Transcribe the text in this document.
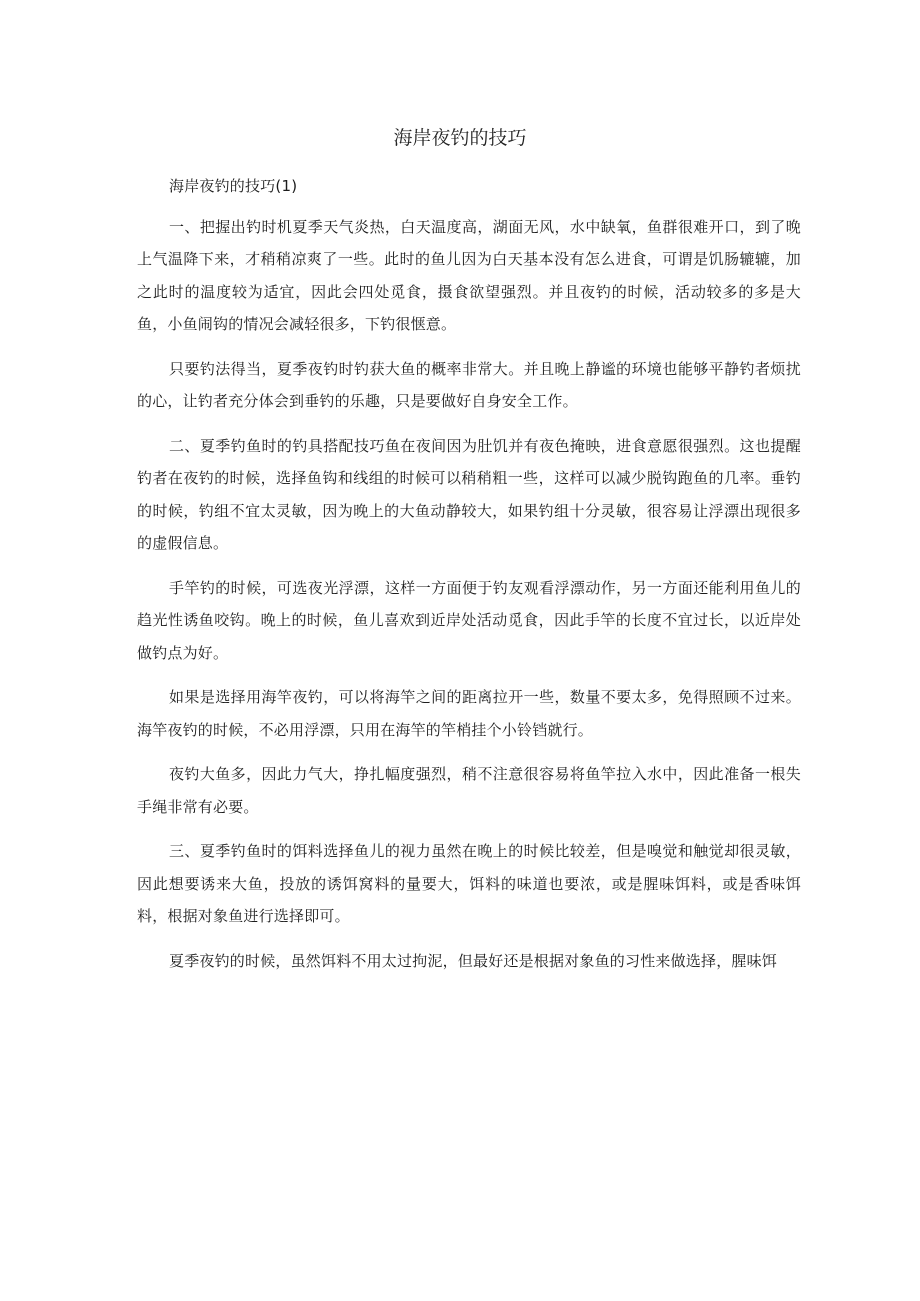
海岸夜钓的技巧

海岸夜钓的技巧(1)

一、把握出钓时机夏季天气炎热，白天温度高，湖面无风，水中缺氧，鱼群很难开口，到了晚上气温降下来，才稍稍凉爽了一些。此时的鱼儿因为白天基本没有怎么进食，可谓是饥肠辘辘，加之此时的温度较为适宜，因此会四处觅食，摄食欲望强烈。并且夜钓的时候，活动较多的多是大鱼，小鱼闹钩的情况会减轻很多，下钓很惬意。

只要钓法得当，夏季夜钓时钓获大鱼的概率非常大。并且晚上静谧的环境也能够平静钓者烦扰的心，让钓者充分体会到垂钓的乐趣，只是要做好自身安全工作。

二、夏季钓鱼时的钓具搭配技巧鱼在夜间因为肚饥并有夜色掩映，进食意愿很强烈。这也提醒钓者在夜钓的时候，选择鱼钩和线组的时候可以稍稍粗一些，这样可以减少脱钩跑鱼的几率。垂钓的时候，钓组不宜太灵敏，因为晚上的大鱼动静较大，如果钓组十分灵敏，很容易让浮漂出现很多的虚假信息。

手竿钓的时候，可选夜光浮漂，这样一方面便于钓友观看浮漂动作，另一方面还能利用鱼儿的趋光性诱鱼咬钩。晚上的时候，鱼儿喜欢到近岸处活动觅食，因此手竿的长度不宜过长，以近岸处做钓点为好。

如果是选择用海竿夜钓，可以将海竿之间的距离拉开一些，数量不要太多，免得照顾不过来。海竿夜钓的时候，不必用浮漂，只用在海竿的竿梢挂个小铃铛就行。

夜钓大鱼多，因此力气大，挣扎幅度强烈，稍不注意很容易将鱼竿拉入水中，因此准备一根失手绳非常有必要。

三、夏季钓鱼时的饵料选择鱼儿的视力虽然在晚上的时候比较差，但是嗅觉和触觉却很灵敏，因此想要诱来大鱼，投放的诱饵窝料的量要大，饵料的味道也要浓，或是腥味饵料，或是香味饵料，根据对象鱼进行选择即可。

夏季夜钓的时候，虽然饵料不用太过拘泥，但最好还是根据对象鱼的习性来做选择，腥味饵
